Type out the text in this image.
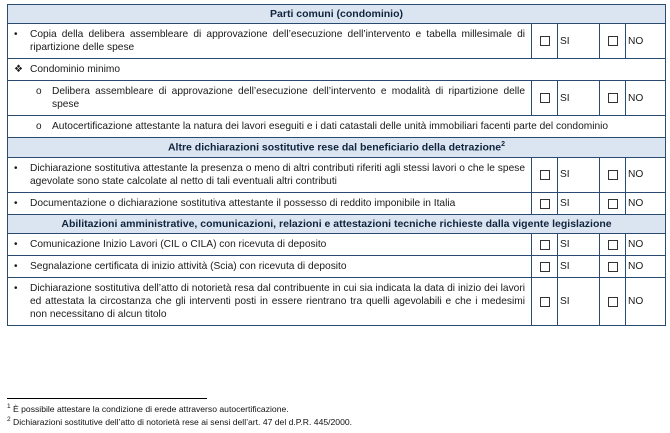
Parti comuni (condominio)				

• Copia della delibera assembleare di approvazione dell’esecuzione dell’intervento e tabella millesimale di ripartizione delle spese		SI		NO

❖ Condominio minimo				

o Delibera assembleare di approvazione dell’esecuzione dell’intervento e modalità di ripartizione delle spese		SI		NO

o Autocertificazione attestante la natura dei lavori eseguiti e i dati catastali delle unità immobiliari facenti parte del condominio				

Altre dichiarazioni sostitutive rese dal beneficiario della detrazione$^2$

• Dichiarazione sostitutiva attestante la presenza o meno di altri contributi riferiti agli stessi lavori o che le spese agevolate sono state calcolate al netto di tali eventuali altri contributi		SI		NO

• Documentazione o dichiarazione sostitutiva attestante il possesso di reddito imponibile in Italia		SI		NO
Abilitazioni amministrative, comunicazioni, relazioni e attestazioni tecniche richieste dalla vigente legislazione				

• Comunicazione Inizio Lavori (CIL o CILA) con ricevuta di deposito		SI		NO

• Segnalazione certificata di inizio attività (Scia) con ricevuta di deposito		SI		NO

• Dichiarazione sostitutiva dell’atto di notorietà resa dal contribuente in cui sia indicata la data di inizio dei lavori ed attestata la circostanza che gli interventi posti in essere rientrano tra quelli agevolabili e che i medesimi non necessitano di alcun titolo		SI		NO
$^1$ È possibile attestare la condizione di erede attraverso autocertificazione.
$^2$ Dichiarazioni sostitutive dell’atto di notorietà rese ai sensi dell’art. 47 del d.P.R. 445/2000.
